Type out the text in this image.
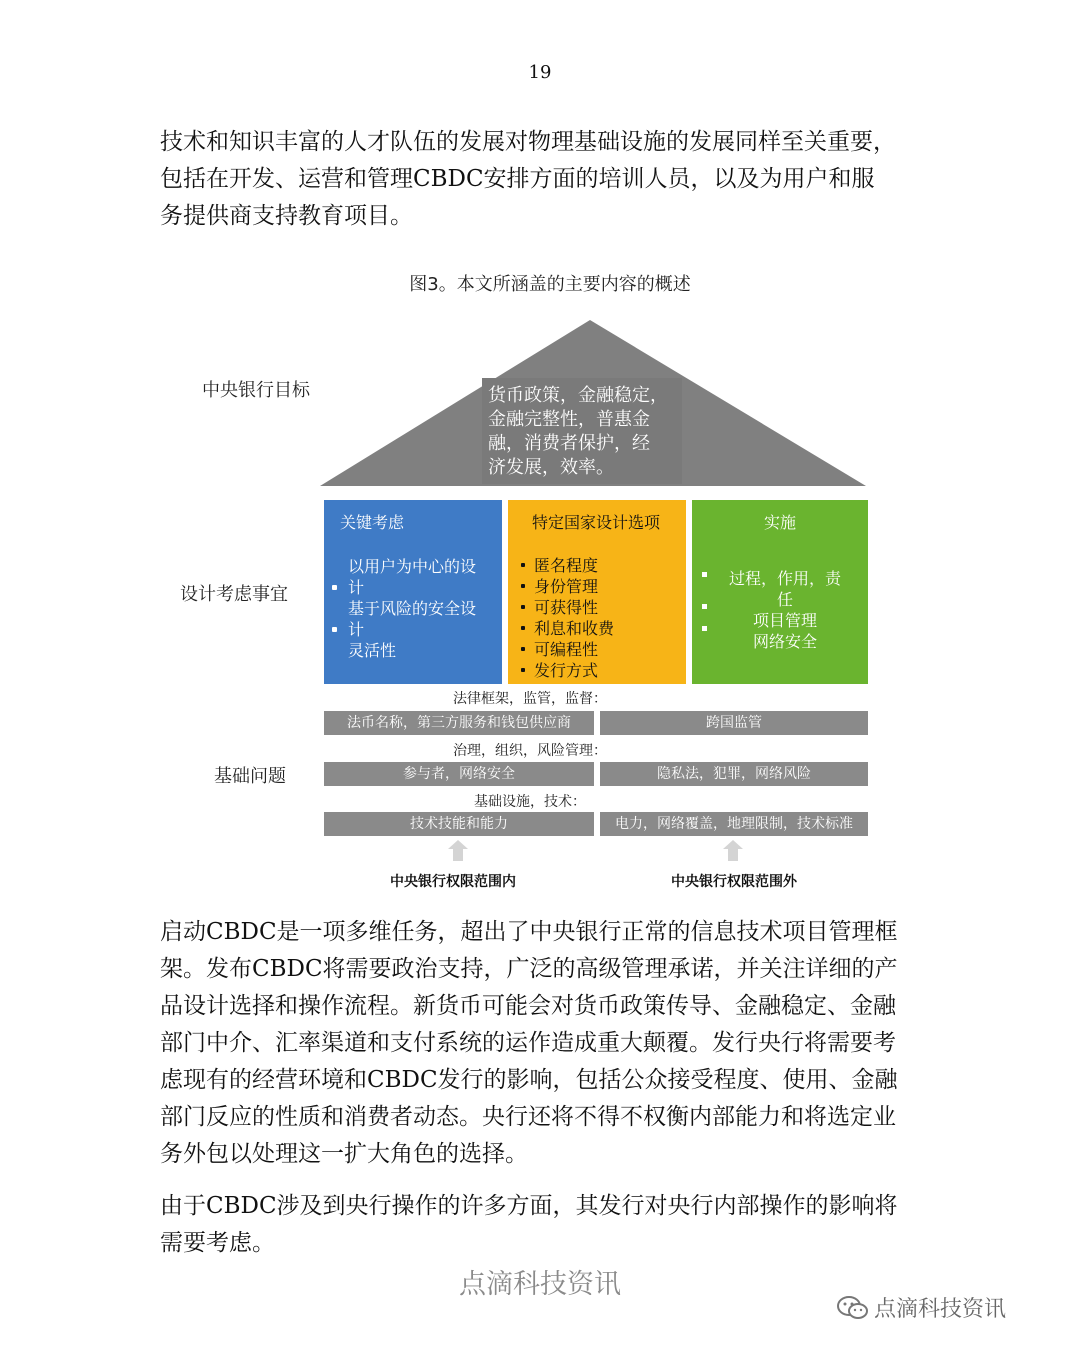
19
技术和知识丰富的人才队伍的发展对物理基础设施的发展同样至关重要，
包括在开发、运营和管理CBDC安排方面的培训人员，以及为用户和服
务提供商支持教育项目。
图3。本文所涵盖的主要内容的概述
中央银行目标
设计考虑事宜
基础问题
货币政策，金融稳定，
金融完整性，普惠金
融，消费者保护，经
济发展，效率。
关键考虑
以用户为中心的设
计
基于风险的安全设
计
灵活性
特定国家设计选项
匿名程度
身份管理
可获得性
利息和收费
可编程性
发行方式
实施
过程，作用，责
任
项目管理
网络安全
法律框架，监管，监督：
法币名称，第三方服务和钱包供应商	跨国监管
治理，组织，风险管理：
参与者，网络安全	隐私法，犯罪，网络风险
基础设施，技术：
技术技能和能力	电力，网络覆盖，地理限制，技术标准
中央银行权限范围内	中央银行权限范围外
启动CBDC是一项多维任务，超出了中央银行正常的信息技术项目管理框
架。发布CBDC将需要政治支持，广泛的高级管理承诺，并关注详细的产
品设计选择和操作流程。新货币可能会对货币政策传导、金融稳定、金融
部门中介、汇率渠道和支付系统的运作造成重大颠覆。发行央行将需要考
虑现有的经营环境和CBDC发行的影响，包括公众接受程度、使用、金融
部门反应的性质和消费者动态。央行还将不得不权衡内部能力和将选定业
务外包以处理这一扩大角色的选择。
由于CBDC涉及到央行操作的许多方面，其发行对央行内部操作的影响将
需要考虑。
点滴科技资讯
点滴科技资讯
